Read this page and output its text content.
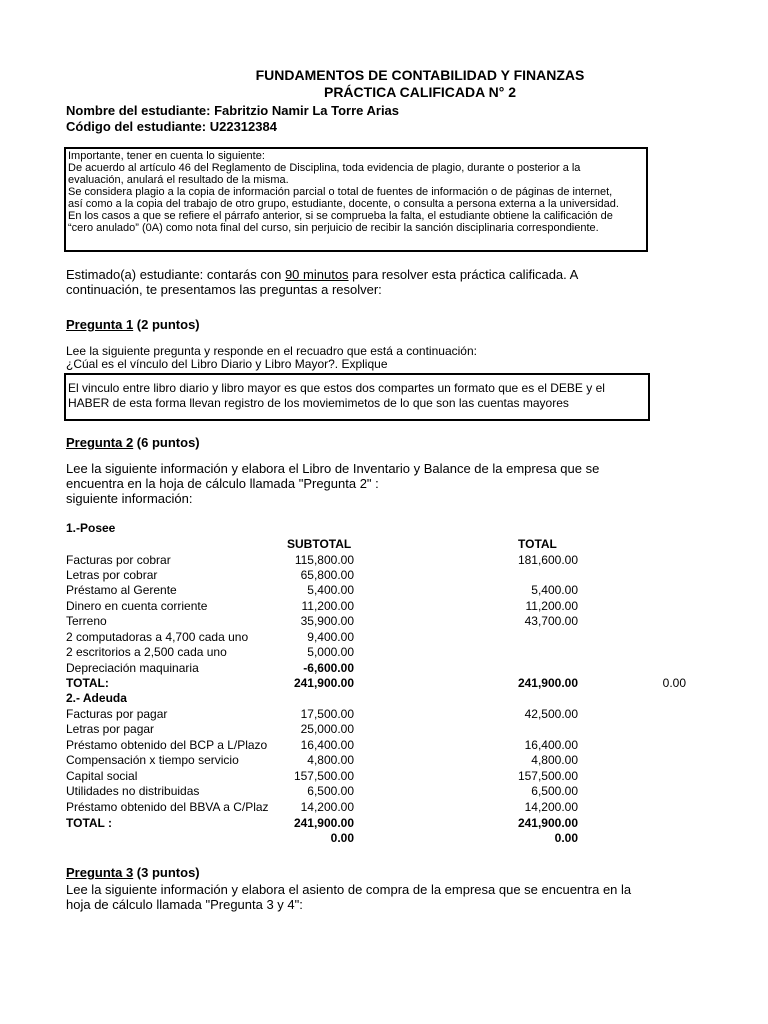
FUNDAMENTOS DE CONTABILIDAD Y FINANZAS
PRÁCTICA CALIFICADA N° 2
Nombre del estudiante: Fabritzio Namir La Torre Arias
Código del estudiante: U22312384
Importante, tener en cuenta lo siguiente:
De acuerdo al artículo 46 del Reglamento de Disciplina, toda evidencia de plagio, durante o posterior a la
evaluación, anulará el resultado de la misma.
Se considera plagio a la copia de información parcial o total de fuentes de información o de páginas de internet,
así como a la copia del trabajo de otro grupo, estudiante, docente, o consulta a persona externa a la universidad.
En los casos a que se refiere el párrafo anterior, si se comprueba la falta, el estudiante obtiene la calificación de
“cero anulado” (0A) como nota final del curso, sin perjuicio de recibir la sanción disciplinaria correspondiente.
Estimado(a) estudiante: contarás con 90 minutos para resolver esta práctica calificada. A
continuación, te presentamos las preguntas a resolver:
Pregunta 1 (2 puntos)
Lee la siguiente pregunta y responde en el recuadro que está a continuación:
¿Cúal es el vínculo del Libro Diario y Libro Mayor?. Explique
El vinculo entre libro diario y libro mayor es que estos dos compartes un formato que es el DEBE y el
HABER de esta forma llevan registro de los moviemimetos de lo que son las cuentas mayores
Pregunta 2 (6 puntos)
Lee la siguiente información y elabora el Libro de Inventario y Balance de la empresa que se
encuentra en la hoja de cálculo llamada "Pregunta 2" :
siguiente información:
1.-Posee
SUBTOTAL	TOTAL
Facturas por cobrar	115,800.00	181,600.00
Letras por cobrar	65,800.00
Préstamo al Gerente	5,400.00	5,400.00
Dinero en cuenta corriente	11,200.00	11,200.00
Terreno	35,900.00	43,700.00
2 computadoras a 4,700 cada uno	9,400.00
2 escritorios a 2,500 cada uno	5,000.00
Depreciación maquinaria	-6,600.00
TOTAL:	241,900.00	241,900.00	0.00
2.- Adeuda
Facturas por pagar	17,500.00	42,500.00
Letras por pagar	25,000.00
Préstamo obtenido del BCP a L/Plazo	16,400.00	16,400.00
Compensación x tiempo servicio	4,800.00	4,800.00
Capital social	157,500.00	157,500.00
Utilidades no distribuidas	6,500.00	6,500.00
Préstamo obtenido del BBVA a C/Plaz	14,200.00	14,200.00
TOTAL :	241,900.00	241,900.00
0.00	0.00
Pregunta 3 (3 puntos)
Lee la siguiente información y elabora el asiento de compra de la empresa que se encuentra en la
hoja de cálculo llamada "Pregunta 3 y 4":
